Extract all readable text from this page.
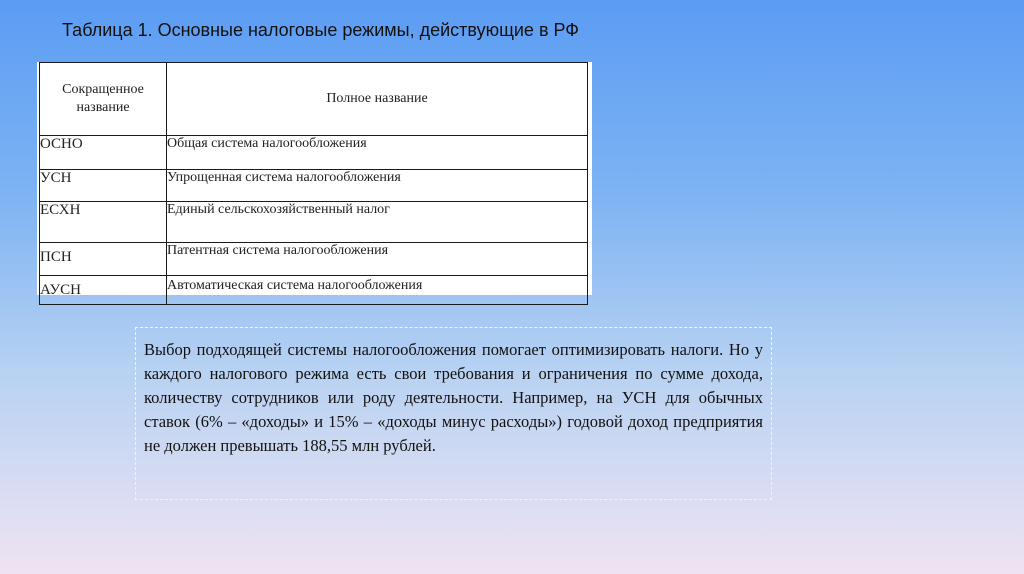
Таблица 1. Основные налоговые режимы, действующие в РФ
Сокращенное название	Полное название
ОСНО	Общая система налогообложения
УСН	Упрощенная система налогообложения
ЕСХН	Единый сельскохозяйственный налог
ПСН	Патентная система налогообложения
АУСН	Автоматическая система налогообложения

Выбор подходящей системы налогообложения помогает оптимизировать налоги. Но у каждого налогового режима есть свои требования и ограничения по сумме дохода, количеству сотрудников или роду деятельности. Например, на УСН для обычных ставок (6% – «доходы» и 15% – «доходы минус расходы») годовой доход предприятия не должен превышать 188,55 млн рублей.
